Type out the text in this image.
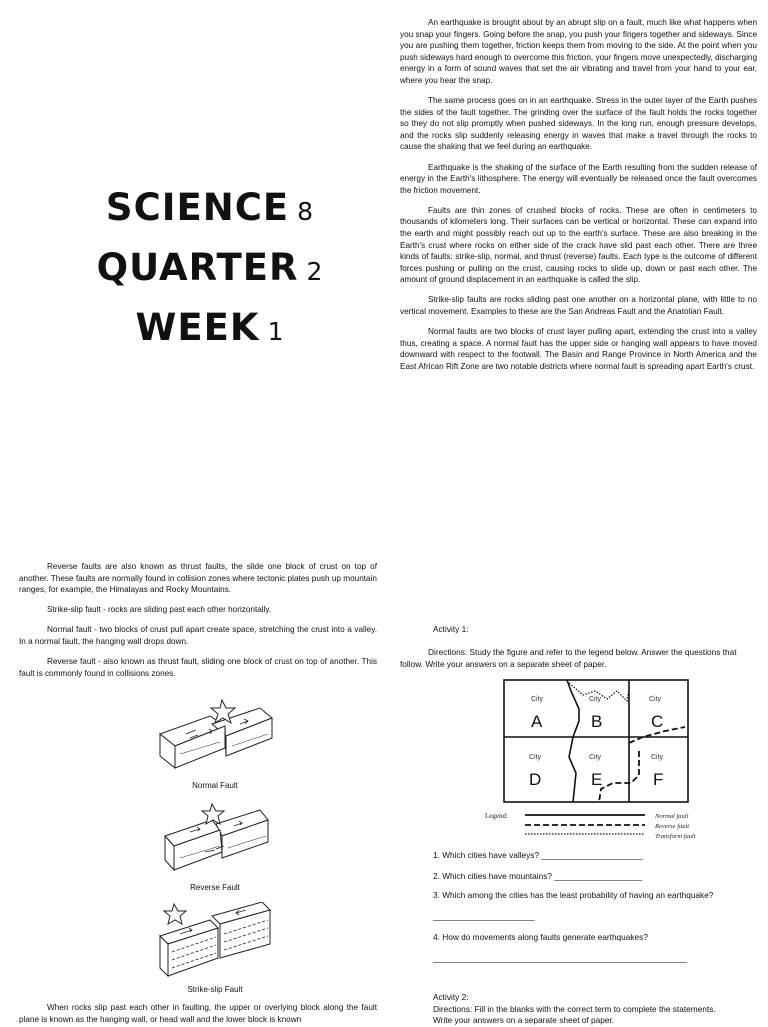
SCIENCE 8
QUARTER 2
WEEK 1

An earthquake is brought about by an abrupt slip on a fault, much like what happens when you snap your fingers. Going before the snap, you push your fingers together and sideways. Since you are pushing them together, friction keeps them from moving to the side. At the point when you push sideways hard enough to overcome this friction, your fingers move unexpectedly, discharging energy in a form of sound waves that set the air vibrating and travel from your hand to your ear, where you hear the snap.

The same process goes on in an earthquake. Stress in the outer layer of the Earth pushes the sides of the fault together. The grinding over the surface of the fault holds the rocks together so they do not slip promptly when pushed sideways. In the long run, enough pressure develops, and the rocks slip suddenly releasing energy in waves that make a travel through the rocks to cause the shaking that we feel during an earthquake.

Earthquake is the shaking of the surface of the Earth resulting from the sudden release of energy in the Earth's lithosphere. The energy will eventually be released once the fault overcomes the friction movement.

Faults are thin zones of crushed blocks of rocks. These are often in centimeters to thousands of kilometers long. Their surfaces can be vertical or horizontal. These can expand into the earth and might possibly reach out up to the earth's surface. These are also breaking in the Earth's crust where rocks on either side of the crack have slid past each other. There are three kinds of faults: strike-slip, normal, and thrust (reverse) faults. Each type is the outcome of different forces pushing or pulling on the crust, causing rocks to slide up, down or past each other. The amount of ground displacement in an earthquake is called the slip.

Strike-slip faults are rocks sliding past one another on a horizontal plane, with little to no vertical movement. Examples to these are the San Andreas Fault and the Anatolian Fault.

Normal faults are two blocks of crust layer pulling apart, extending the crust into a valley thus, creating a space. A normal fault has the upper side or hanging wall appears to have moved downward with respect to the footwall. The Basin and Range Province in North America and the East African Rift Zone are two notable districts where normal fault is spreading apart Earth's crust.

Reverse faults are also known as thrust faults, the slide one block of crust on top of another. These faults are normally found in collision zones where tectonic plates push up mountain ranges, for example, the Himalayas and Rocky Mountains.

Strike-slip fault - rocks are sliding past each other horizontally.

Normal fault - two blocks of crust pull apart create space, stretching the crust into a valley. In a normal fault, the hanging wall drops down.

Reverse fault - also known as thrust fault, sliding one block of crust on top of another. This fault is commonly found in collisions zones.

Normal Fault
Reverse Fault
Strike-slip Fault

When rocks slip past each other in faulting, the upper or overlying block along the fault plane is known as the hanging wall, or head wall and the lower block is known

Activity 1:

Directions: Study the figure and refer to the legend below. Answer the questions that follow. Write your answers on a separate sheet of paper.

City
A
City
B
City
C
City
D
City
E
City
F
Legend:	Normal fault
Reverse fault
Transform fault
1. Which cities have valleys? ______________________
2. Which cities have mountains? ___________________
3. Which among the cities has the least probability of having an earthquake?
______________________
4. How do movements along faults generate earthquakes?
_______________________________________________________
Activity 2:
Directions: Fill in the blanks with the correct term to complete the statements.
Write your answers on a separate sheet of paper.
